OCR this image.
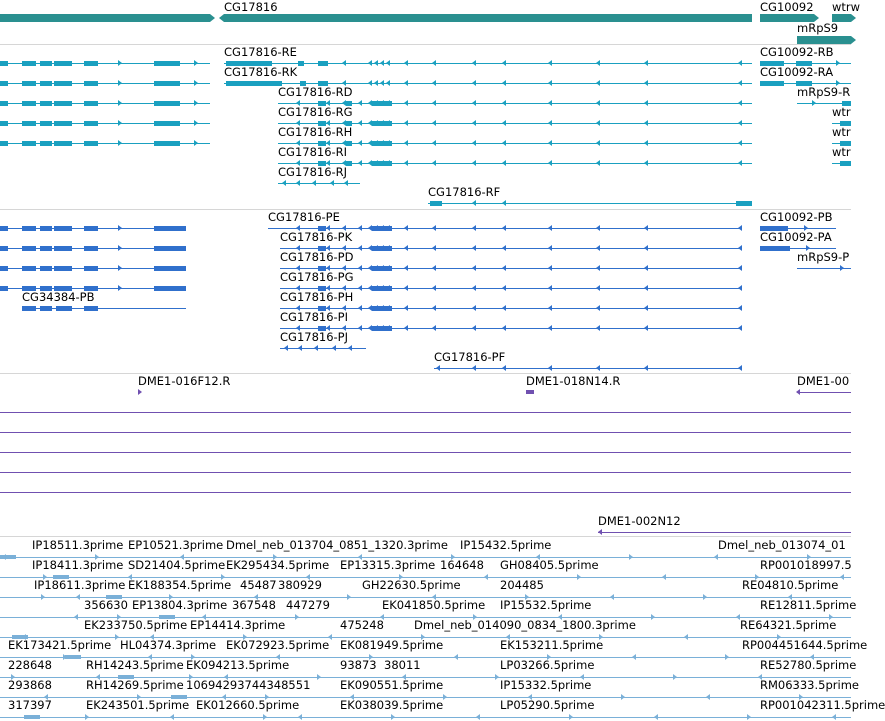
CG17816	CG10092 wtrw
mRpS9
CG17816-RE	CG10092-RB
CG17816-RK	CG10092-RA
CG17816-RD	mRpS9-R
CG17816-RG	wtr
CG17816-RH
wtr
CG17816-RI
CG17816-RJ
CG17816-RF
wtr
CG17816-PE
CG17816-PK
CG17816-PD
CG17816-PG
CG34384-PB	CG17816-PH
CG17816-PI
CG17816-PJ
CG17816-PF
CG10092-PB
CG10092-PA
mRpS9-P
DME1-016F12.R	DME1-018N14.R	DME1-00
DME1-002N12
IP18511.3prime EP10521.3prime Dmel_neb_013704_0851_1320.3prime IP15432.5prime	Dmel_neb_013074_01
IP18411.3prime SD21404.5prime EK295434.5prime EP13315.3prime 164648 GH08405.5prime	RP001018997.5
IP18611.3prime EK188354.5prime 45487 380929	GH22630.5prime	204485	RE04810.5prime
356630 EP13804.3prime 367548 447279	EK041850.5prime IP15532.5prime	RE12811.5prime
EK233750.5prime EP14414.3prime	475248	Dmel_neb_014090_0834_1800.3prime	RE64321.5prime
EK173421.5prime HL04374.3prime EK072923.5prime EK081949.5prime	EK153211.5prime	RP004451644.5prime
228648	RH14243.5prime EK094213.5prime	93873 38011	LP03266.5prime	RE52780.5prime
293868	RH14269.5prime 10694293744348551	EK090551.5prime	IP15332.5prime	RM06333.5prime
317397	EK243501.5prime EK012660.5prime	EK038039.5prime	LP05290.5prime	RP001042311.5prime
